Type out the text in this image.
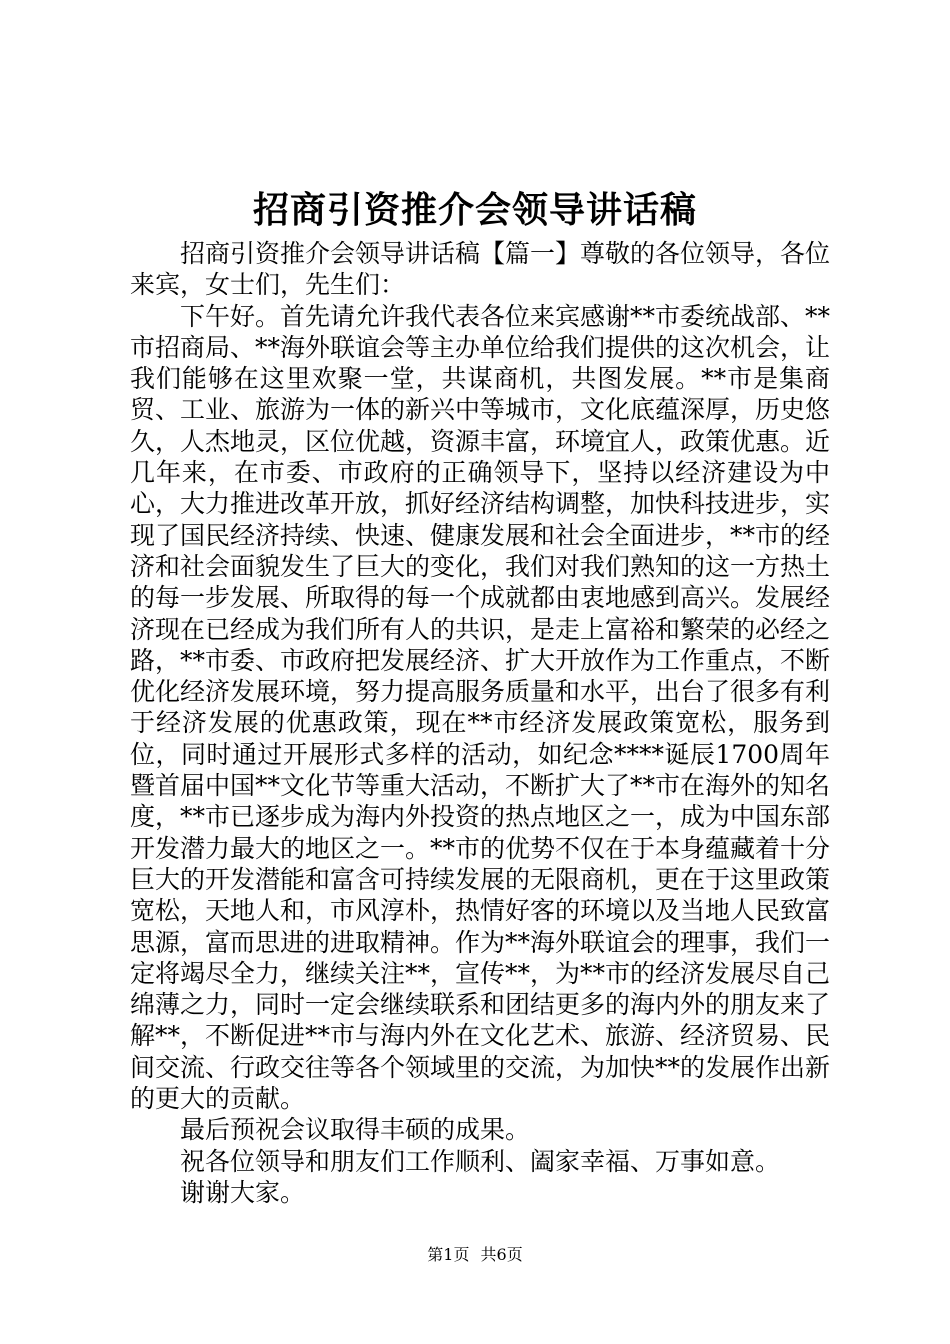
招商引资推介会领导讲话稿

招商引资推介会领导讲话稿【篇一】尊敬的各位领导，各位来宾，女士们，先生们：

下午好。首先请允许我代表各位来宾感谢**市委统战部、**市招商局、**海外联谊会等主办单位给我们提供的这次机会，让我们能够在这里欢聚一堂，共谋商机，共图发展。**市是集商贸、工业、旅游为一体的新兴中等城市，文化底蕴深厚，历史悠久，人杰地灵，区位优越，资源丰富，环境宜人，政策优惠。近几年来，在市委、市政府的正确领导下，坚持以经济建设为中心，大力推进改革开放，抓好经济结构调整，加快科技进步，实现了国民经济持续、快速、健康发展和社会全面进步，**市的经济和社会面貌发生了巨大的变化，我们对我们熟知的这一方热土的每一步发展、所取得的每一个成就都由衷地感到高兴。发展经济现在已经成为我们所有人的共识，是走上富裕和繁荣的必经之路，**市委、市政府把发展经济、扩大开放作为工作重点，不断优化经济发展环境，努力提高服务质量和水平，出台了很多有利于经济发展的优惠政策，现在**市经济发展政策宽松，服务到位，同时通过开展形式多样的活动，如纪念****诞辰1700周年暨首届中国**文化节等重大活动，不断扩大了**市在海外的知名度，**市已逐步成为海内外投资的热点地区之一，成为中国东部开发潜力最大的地区之一。**市的优势不仅在于本身蕴藏着十分巨大的开发潜能和富含可持续发展的无限商机，更在于这里政策宽松，天地人和，市风淳朴，热情好客的环境以及当地人民致富思源，富而思进的进取精神。作为**海外联谊会的理事，我们一定将竭尽全力，继续关注**，宣传**，为**市的经济发展尽自己绵薄之力，同时一定会继续联系和团结更多的海内外的朋友来了解**，不断促进**市与海内外在文化艺术、旅游、经济贸易、民间交流、行政交往等各个领域里的交流，为加快**的发展作出新的更大的贡献。

最后预祝会议取得丰硕的成果。

祝各位领导和朋友们工作顺利、阖家幸福、万事如意。

谢谢大家。

第1页 共6页
